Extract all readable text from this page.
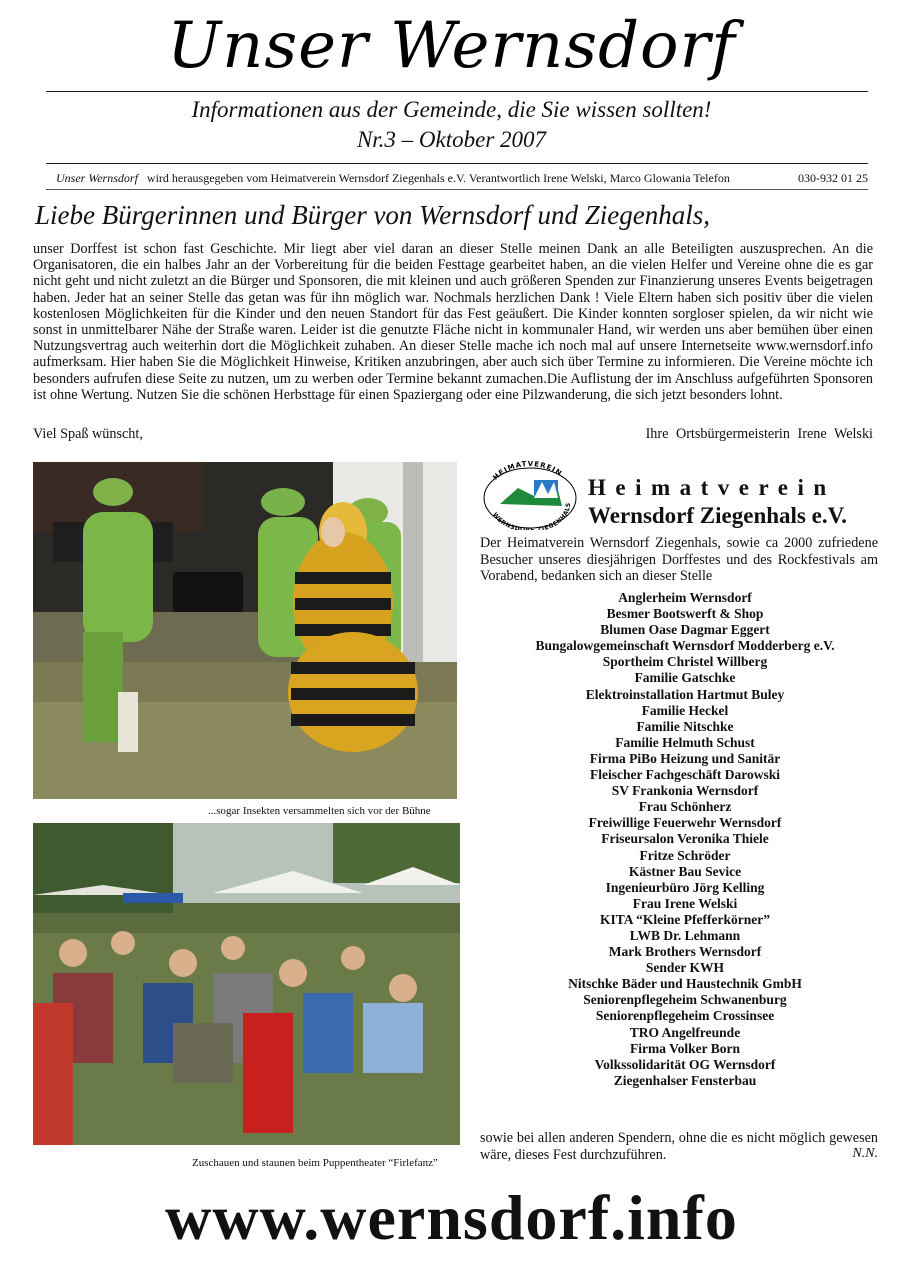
Unser Wernsdorf
Informationen aus der Gemeinde, die Sie wissen sollten!
Nr.3 – Oktober 2007
Unser Wernsdorf wird herausgegeben vom Heimatverein Wernsdorf Ziegenhals e.V. Verantwortlich Irene Welski, Marco Glowania Telefon	030-932 01 25
Liebe Bürgerinnen und Bürger von Wernsdorf und Ziegenhals,

unser Dorffest ist schon fast Geschichte. Mir liegt aber viel daran an dieser Stelle meinen Dank an alle Beteiligten auszusprechen. An die Organisatoren, die ein halbes Jahr an der Vorbereitung für die beiden Festtage gearbeitet haben, an die vielen Helfer und Vereine ohne die es gar nicht geht und nicht zuletzt an die Bürger und Sponsoren, die mit kleinen und auch größeren Spenden zur Finanzierung unseres Events beigetragen haben. Jeder hat an seiner Stelle das getan was für ihn möglich war. Nochmals herzlichen Dank ! Viele Eltern haben sich positiv über die vielen kostenlosen Möglichkeiten für die Kinder und den neuen Standort für das Fest geäußert. Die Kinder konnten sorgloser spielen, da wir nicht wie sonst in unmittelbarer Nähe der Straße waren. Leider ist die genutzte Fläche nicht in kommunaler Hand, wir werden uns aber bemühen über einen Nutzungsvertrag auch weiterhin dort die Möglichkeit zuhaben. An dieser Stelle mache ich noch mal auf unsere Internetseite www.wernsdorf.info aufmerksam. Hier haben Sie die Möglichkeit Hinweise, Kritiken anzubringen, aber auch sich über Termine zu informieren. Die Vereine möchte ich besonders aufrufen diese Seite zu nutzen, um zu werben oder Termine bekannt zumachen.Die Auflistung der im Anschluss aufgeführten Sponsoren ist ohne Wertung. Nutzen Sie die schönen Herbsttage für einen Spaziergang oder eine Pilzwanderung, die sich jetzt besonders lohnt.

Viel Spaß wünscht,	Ihre Ortsbürgermeisterin Irene Welski
...sogar Insekten versammelten sich vor der Bühne
Zuschauen und staunen beim Puppentheater “Firlefanz”
HEIMATVEREIN
WERNSD ZIEGENHALS
Heimatverein
Wernsdorf Ziegenhals e.V.

Der Heimatverein Wernsdorf Ziegenhals, sowie ca 2000 zufriedene Besucher unseres diesjährigen Dorffestes und des Rockfestivals am Vorabend, bedanken sich an dieser Stelle

Anglerheim Wernsdorf
Besmer Bootswerft & Shop
Blumen Oase Dagmar Eggert
Bungalowgemeinschaft Wernsdorf Modderberg e.V.
Sportheim Christel Willberg
Familie Gatschke
Elektroinstallation Hartmut Buley
Familie Heckel
Familie Nitschke
Familie Helmuth Schust
Firma PiBo Heizung und Sanitär
Fleischer Fachgeschäft Darowski
SV Frankonia Wernsdorf
Frau Schönherz
Freiwillige Feuerwehr Wernsdorf
Friseursalon Veronika Thiele
Fritze Schröder
Kästner Bau Sevice
Ingenieurbüro Jörg Kelling
Frau Irene Welski
KITA “Kleine Pfefferkörner”
LWB Dr. Lehmann
Mark Brothers Wernsdorf
Sender KWH
Nitschke Bäder und Haustechnik GmbH
Seniorenpflegeheim Schwanenburg
Seniorenpflegeheim Crossinsee
TRO Angelfreunde
Firma Volker Born
Volkssolidarität OG Wernsdorf
Ziegenhalser Fensterbau

sowie bei allen anderen Spendern, ohne die es nicht möglich gewesen wäre, dieses Fest durchzuführen.	N.N.
www.wernsdorf.info
